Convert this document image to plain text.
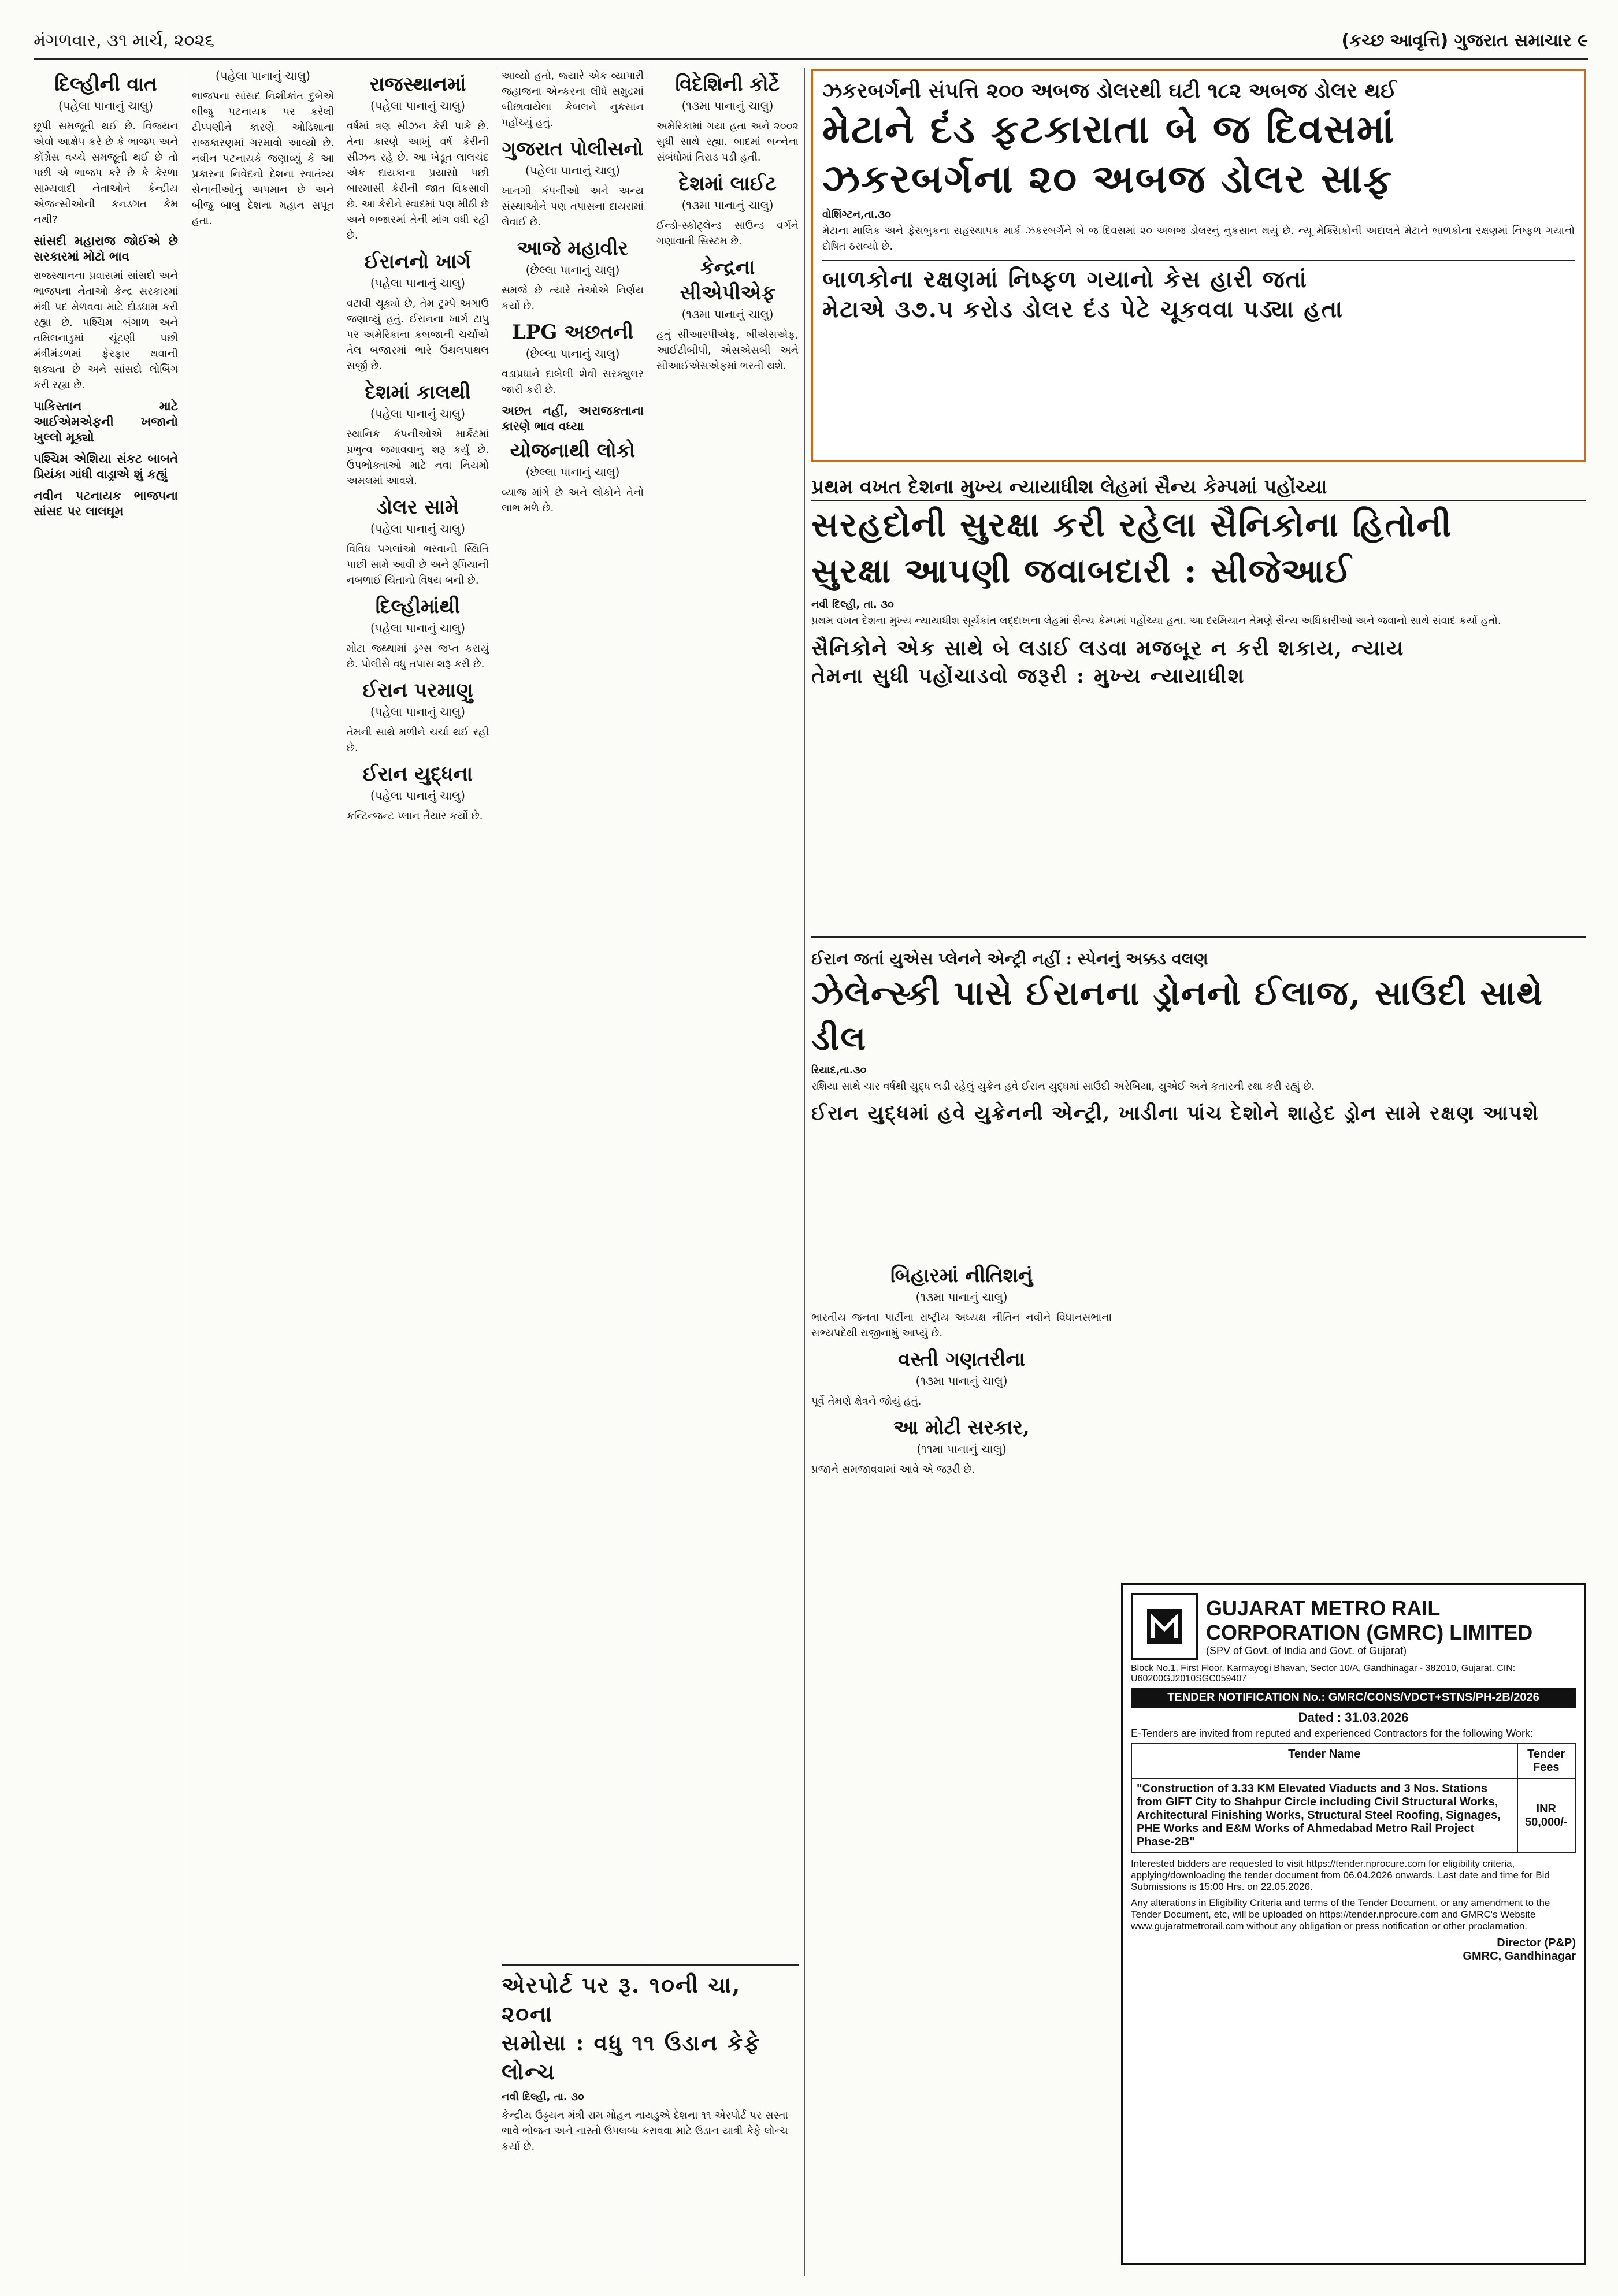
મંગળવાર, ૩૧ માર્ચ, ૨૦૨૬	(કચ્છ આવૃત્તિ) ગુજરાત સમાચાર ૯
દિલ્હીની વાત
(પહેલા પાનાનું ચાલુ)

છૂપી સમજૂતી થઈ છે. વિજયન એવો આક્ષેપ કરે છે કે ભાજપ અને કોંગ્રેસ વચ્ચે સમજૂતી થઈ છે તો પછી એ ભાજપ કરે છે કે કેરળા સામ્યવાદી નેતાઓને કેન્દ્રીય એજન્સીઓની કનડગત કેમ નથી?

સાંસદી મહારાજ જોઈએ છે સરકારમાં મોટો ભાવ

રાજસ્થાનના પ્રવાસમાં સાંસદો અને ભાજપના નેતાઓ કેન્દ્ર સરકારમાં મંત્રી પદ મેળવવા માટે દોડધામ કરી રહ્યા છે. પશ્ચિમ બંગાળ અને તમિલનાડુમાં ચૂંટણી પછી મંત્રીમંડળમાં ફેરફાર થવાની શક્યતા છે અને સાંસદો લોબિંગ કરી રહ્યા છે.

પાકિસ્તાન માટે આઈએમએફની ખજાનો ખુલ્લો મૂક્યો
પશ્ચિમ એશિયા સંકટ બાબતે પ્રિયંકા ગાંધી વાડ્રાએ શું કહ્યું
નવીન પટનાયક ભાજપના સાંસદ પર લાલઘૂમ
(પહેલા પાનાનું ચાલુ)

ભાજપના સાંસદ નિશીકાંત દુબેએ બીજુ પટનાયક પર કરેલી ટીપ્પણીને કારણે ઓડિશાના રાજકારણમાં ગરમાવો આવ્યો છે. નવીન પટનાયકે જણાવ્યું કે આ પ્રકારના નિવેદનો દેશના સ્વાતંત્ર્ય સેનાનીઓનું અપમાન છે અને બીજુ બાબુ દેશના મહાન સપૂત હતા.

રાજસ્થાનમાં
(પહેલા પાનાનું ચાલુ)

વર્ષમાં ત્રણ સીઝન કેરી પાકે છે. તેના કારણે આખું વર્ષ કેરીની સીઝન રહે છે. આ ખેડૂત લાલચંદ એક દાયકાના પ્રયાસો પછી બારમાસી કેરીની જાત વિકસાવી છે. આ કેરીને સ્વાદમાં પણ મીઠી છે અને બજારમાં તેની માંગ વધી રહી છે.

ઈરાનનો ખાર્ગ
(પહેલા પાનાનું ચાલુ)

વટાવી ચૂક્યો છે, તેમ ટ્રમ્પે અગાઉ જણાવ્યું હતું. ઈરાનના ખાર્ગ ટાપુ પર અમેરિકાના કબજાની ચર્ચાએ તેલ બજારમાં ભારે ઉથલપાથલ સર્જી છે.

દેશમાં કાલથી
(પહેલા પાનાનું ચાલુ)

સ્થાનિક કંપનીઓએ માર્કેટમાં પ્રભુત્વ જમાવવાનું શરૂ કર્યું છે. ઉપભોક્તાઓ માટે નવા નિયમો અમલમાં આવશે.

ડોલર સામે
(પહેલા પાનાનું ચાલુ)

વિવિધ પગલાંઓ ભરવાની સ્થિતિ પાછી સામે આવી છે અને રૂપિયાની નબળાઈ ચિંતાનો વિષય બની છે.

દિલ્હીમાંથી
(પહેલા પાનાનું ચાલુ)

મોટા જથ્થામાં ડ્રગ્સ જપ્ત કરાયું છે. પોલીસે વધુ તપાસ શરૂ કરી છે.

ઈરાન પરમાણુ
(પહેલા પાનાનું ચાલુ)

તેમની સાથે મળીને ચર્ચા થઈ રહી છે.

ઈરાન યુદ્ધના
(પહેલા પાનાનું ચાલુ)

કન્ટિન્જન્ટ પ્લાન તૈયાર કર્યો છે.

આવ્યો હતો, જ્યારે એક વ્યાપારી જહાજના એન્કરના લીધે સમુદ્રમાં બીછાવાયેલા કેબલને નુકસાન પહોંચ્યું હતું.

ગુજરાત પોલીસનો
(પહેલા પાનાનું ચાલુ)

ખાનગી કંપનીઓ અને અન્ય સંસ્થાઓને પણ તપાસના દાયરામાં લેવાઈ છે.

આજે મહાવીર
(છેલ્લા પાનાનું ચાલુ)

સમજે છે ત્યારે તેઓએ નિર્ણય કર્યો છે.

LPG અછતની
(છેલ્લા પાનાનું ચાલુ)

વડાપ્રધાને દાબેલી શેવી સરક્યુલર જારી કરી છે.

અછત નહીં, અરાજકતાના કારણે ભાવ વધ્યા
યોજનાથી લોકો
(છેલ્લા પાનાનું ચાલુ)

વ્યાજ માંગે છે અને લોકોને તેનો લાભ મળે છે.

વિદેશિની કોર્ટે
(૧૩મા પાનાનું ચાલુ)

અમેરિકામાં ગયા હતા અને ૨૦૦૨ સુધી સાથે રહ્યા. બાદમાં બન્નેના સંબંધોમાં તિરાડ પડી હતી.

દેશમાં લાઈટ
(૧૩મા પાનાનું ચાલુ)

ઈન્ડો-સ્કોટ્લેન્ડ સાઉન્ડ વર્ગને ગણાવાતી સિસ્ટમ છે.

કેન્દ્રના સીએપીએફ
(૧૩મા પાનાનું ચાલુ)

હતું સીઆરપીએફ, બીએસએફ, આઈટીબીપી, એસએસબી અને સીઆઈએસએફમાં ભરતી થશે.

એરપોર્ટ પર રૂ. ૧૦ની ચા, ૨૦ના
સમોસા : વધુ ૧૧ ઉડાન કેફે લોન્ચ
નવી દિલ્હી, તા. ૩૦

કેન્દ્રીય ઉડ્ડયન મંત્રી રામ મોહન નાયડુએ દેશના ૧૧ એરપોર્ટ પર સસ્તા ભાવે ભોજન અને નાસ્તો ઉપલબ્ધ કરાવવા માટે ઉડાન યાત્રી કેફે લોન્ચ કર્યા છે.

ઝકરબર્ગની સંપત્તિ ૨૦૦ અબજ ડોલરથી ઘટી ૧૮૨ અબજ ડોલર થઈ
મેટાને દંડ ફટકારાતા બે જ દિવસમાં
ઝકરબર્ગના ૨૦ અબજ ડોલર સાફ
વોશિંગ્ટન,તા.૩૦

મેટાના માલિક અને ફેસબુકના સહસ્થાપક માર્ક ઝકરબર્ગને બે જ દિવસમાં ૨૦ અબજ ડોલરનું નુકસાન થયું છે. ન્યૂ મેક્સિકોની અદાલતે મેટાને બાળકોના રક્ષણમાં નિષ્ફળ ગયાનો દોષિત ઠરાવ્યો છે.

બાળકોના રક્ષણમાં નિષ્ફળ ગયાનો કેસ હારી જતાં
મેટાએ ૩૭.૫ કરોડ ડોલર દંડ પેટે ચૂકવવા પડ્યા હતા
પ્રથમ વખત દેશના મુખ્ય ન્યાયાધીશ લેહમાં સૈન્ય કેમ્પમાં પહોંચ્યા
સરહદોની સુરક્ષા કરી રહેલા સૈનિકોના હિતોની
સુરક્ષા આપણી જવાબદારી : સીજેઆઈ
નવી દિલ્હી, તા. ૩૦

પ્રથમ વખત દેશના મુખ્ય ન્યાયાધીશ સૂર્યકાંત લદ્દાખના લેહમાં સૈન્ય કેમ્પમાં પહોંચ્યા હતા. આ દરમિયાન તેમણે સૈન્ય અધિકારીઓ અને જવાનો સાથે સંવાદ કર્યો હતો.

સૈનિકોને એક સાથે બે લડાઈ લડવા મજબૂર ન કરી શકાય, ન્યાય
તેમના સુધી પહોંચાડવો જરૂરી : મુખ્ય ન્યાયાધીશ
ઈરાન જતાં યુએસ પ્લેનને એન્ટ્રી નહીં : સ્પેનનું અક્કડ વલણ
ઝેલેન્સ્કી પાસે ઈરાનના ડ્રોનનો ઈલાજ, સાઉદી સાથે ડીલ
રિયાદ,તા.૩૦

રશિયા સાથે ચાર વર્ષથી યુદ્ધ લડી રહેલું યુક્રેન હવે ઈરાન યુદ્ધમાં સાઉદી અરેબિયા, યુએઈ અને કતારની રક્ષા કરી રહ્યું છે.

ઈરાન યુદ્ધમાં હવે યુક્રેનની એન્ટ્રી, ખાડીના પાંચ દેશોને શાહેદ ડ્રોન સામે રક્ષણ આપશે
બિહારમાં નીતિશનું
(૧૩મા પાનાનું ચાલુ)

ભારતીય જનતા પાર્ટીના રાષ્ટ્રીય અધ્યક્ષ નીતિન નવીને વિધાનસભાના સભ્યપદેથી રાજીનામું આપ્યું છે.

વસ્તી ગણતરીના
(૧૩મા પાનાનું ચાલુ)

પૂર્વે તેમણે ક્ષેત્રને જોયું હતું.

આ મોટી સરકાર,
(૧૧મા પાનાનું ચાલુ)

પ્રજાને સમજાવવામાં આવે એ જરૂરી છે.

GUJARAT METRO RAIL
CORPORATION (GMRC) LIMITED
(SPV of Govt. of India and Govt. of Gujarat)
Block No.1, First Floor, Karmayogi Bhavan, Sector 10/A, Gandhinagar - 382010, Gujarat. CIN: U60200GJ2010SGC059407
TENDER NOTIFICATION No.: GMRC/CONS/VDCT+STNS/PH-2B/2026
Dated : 31.03.2026
E-Tenders are invited from reputed and experienced Contractors for the following Work:
Tender Name	Tender Fees
"Construction of 3.33 KM Elevated Viaducts and 3 Nos. Stations from GIFT City to Shahpur Circle including Civil Structural Works, Architectural Finishing Works, Structural Steel Roofing, Signages, PHE Works and E&M Works of Ahmedabad Metro Rail Project Phase-2B"	INR 50,000/-

Interested bidders are requested to visit https://tender.nprocure.com for eligibility criteria, applying/downloading the tender document from 06.04.2026 onwards. Last date and time for Bid Submissions is 15:00 Hrs. on 22.05.2026.

Any alterations in Eligibility Criteria and terms of the Tender Document, or any amendment to the Tender Document, etc, will be uploaded on https://tender.nprocure.com and GMRC's Website www.gujaratmetrorail.com without any obligation or press notification or other proclamation.

Director (P&P)
GMRC, Gandhinagar
